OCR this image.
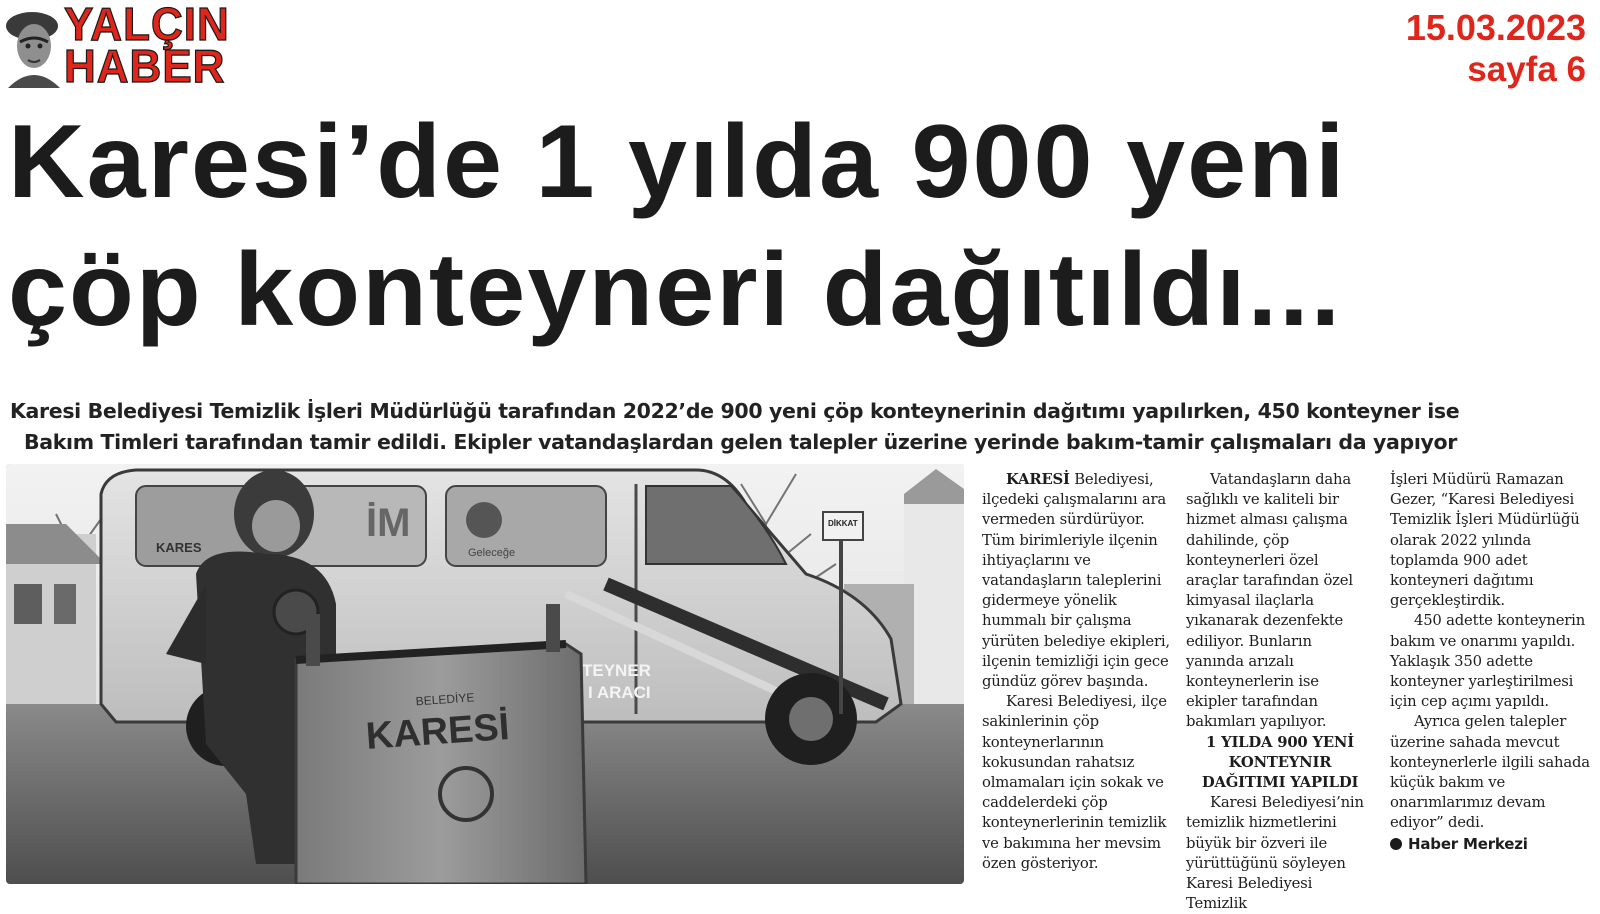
YALÇIN
HABER
15.03.2023
sayfa 6
Karesi’de 1 yılda 900 yeni
çöp konteyneri dağıtıldı...
Karesi Belediyesi Temizlik İşleri Müdürlüğü tarafından 2022’de 900 yeni çöp konteynerinin dağıtımı yapılırken, 450 konteyner ise
Bakım Timleri tarafından tamir edildi. Ekipler vatandaşlardan gelen talepler üzerine yerinde bakım-tamir çalışmaları da yapıyor
İM
Geleceğe
KARES
TEYNER
I ARACI
DİKKAT
KARESİ
BELEDİYE

KARESİ Belediyesi, ilçedeki çalışmalarını ara vermeden sürdürüyor. Tüm birimleriyle ilçenin ihtiyaçlarını ve vatandaşların taleplerini gidermeye yönelik hummalı bir çalışma yürüten belediye ekipleri, ilçenin temizliği için gece gündüz görev başında.

Karesi Belediyesi, ilçe sakinlerinin çöp konteynerlarının kokusundan rahatsız olmamaları için sokak ve caddelerdeki çöp konteynerlerinin temizlik ve bakımına her mevsim özen gösteriyor.

Vatandaşların daha sağlıklı ve kaliteli bir hizmet alması çalışma dahilinde, çöp konteynerleri özel araçlar tarafından özel kimyasal ilaçlarla yıkanarak dezenfekte ediliyor. Bunların yanında arızalı konteynerlerin ise ekipler tarafından bakımları yapılıyor.

1 YILDA 900 YENİ KONTEYNIR DAĞITIMI YAPILDI

Karesi Belediyesi’nin temizlik hizmetlerini büyük bir özveri ile yürüttüğünü söyleyen Karesi Belediyesi Temizlik

İşleri Müdürü Ramazan Gezer, “Karesi Belediyesi Temizlik İşleri Müdürlüğü olarak 2022 yılında toplamda 900 adet konteyneri dağıtımı gerçekleştirdik.

450 adette konteynerin bakım ve onarımı yapıldı. Yaklaşık 350 adette konteyner yarleştirilmesi için cep açımı yapıldı.

Ayrıca gelen talepler üzerine sahada mevcut konteynerlerle ilgili sahada küçük bakım ve onarımlarımız devam ediyor” dedi.

Haber Merkezi
